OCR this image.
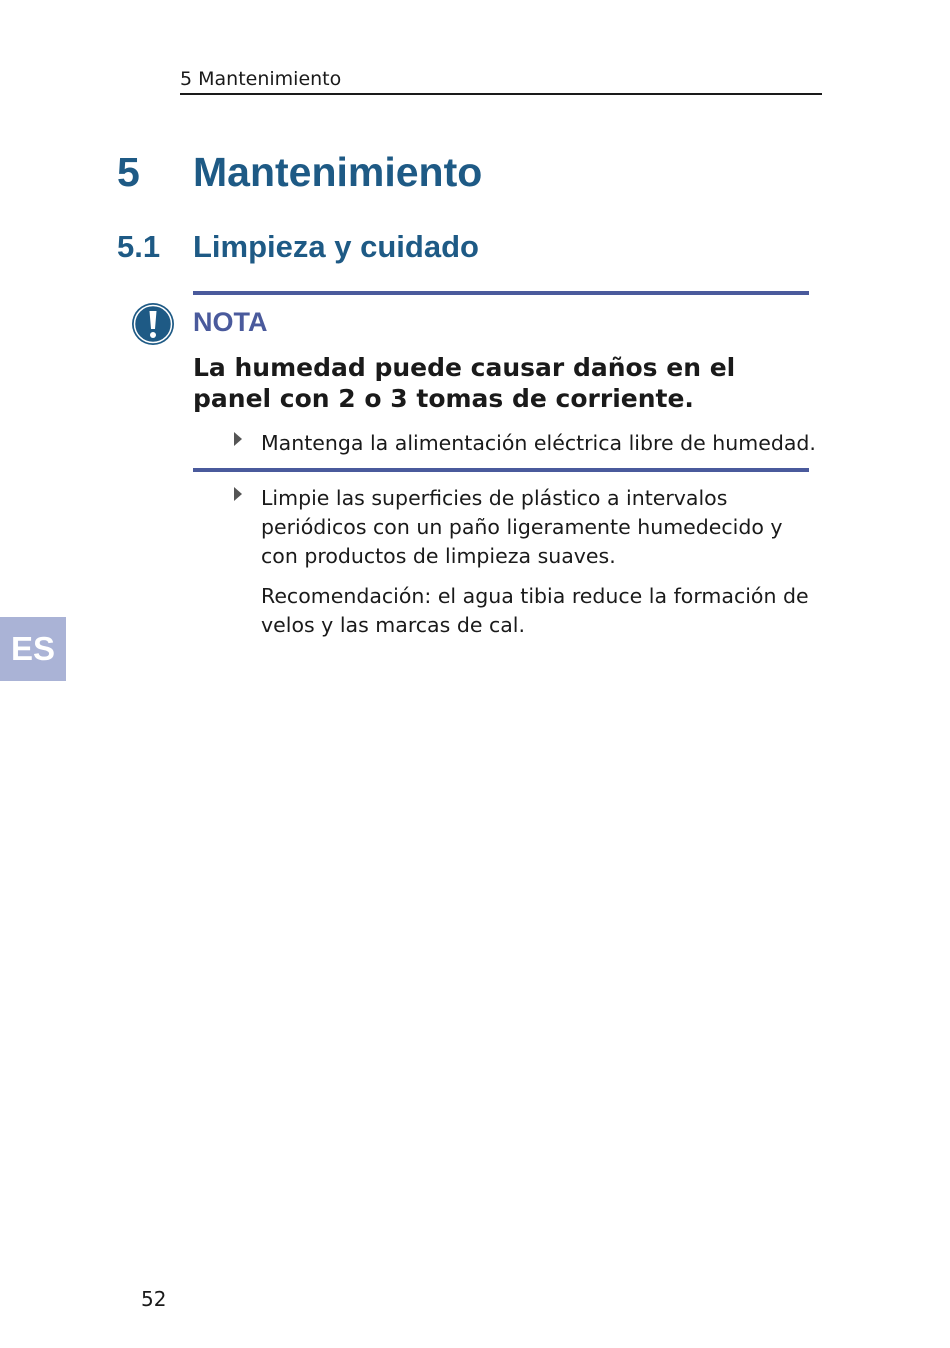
5 Mantenimiento
5 Mantenimiento
5.1 Limpieza y cuidado
NOTA

La humedad puede causar daños en el panel con 2 o 3 tomas de corriente.

Mantenga la alimentación eléctrica libre de humedad.

Limpie las superficies de plástico a intervalos periódicos con un paño ligeramente humedecido y con productos de limpieza suaves.

Recomendación: el agua tibia reduce la formación de velos y las marcas de cal.

ES
52
